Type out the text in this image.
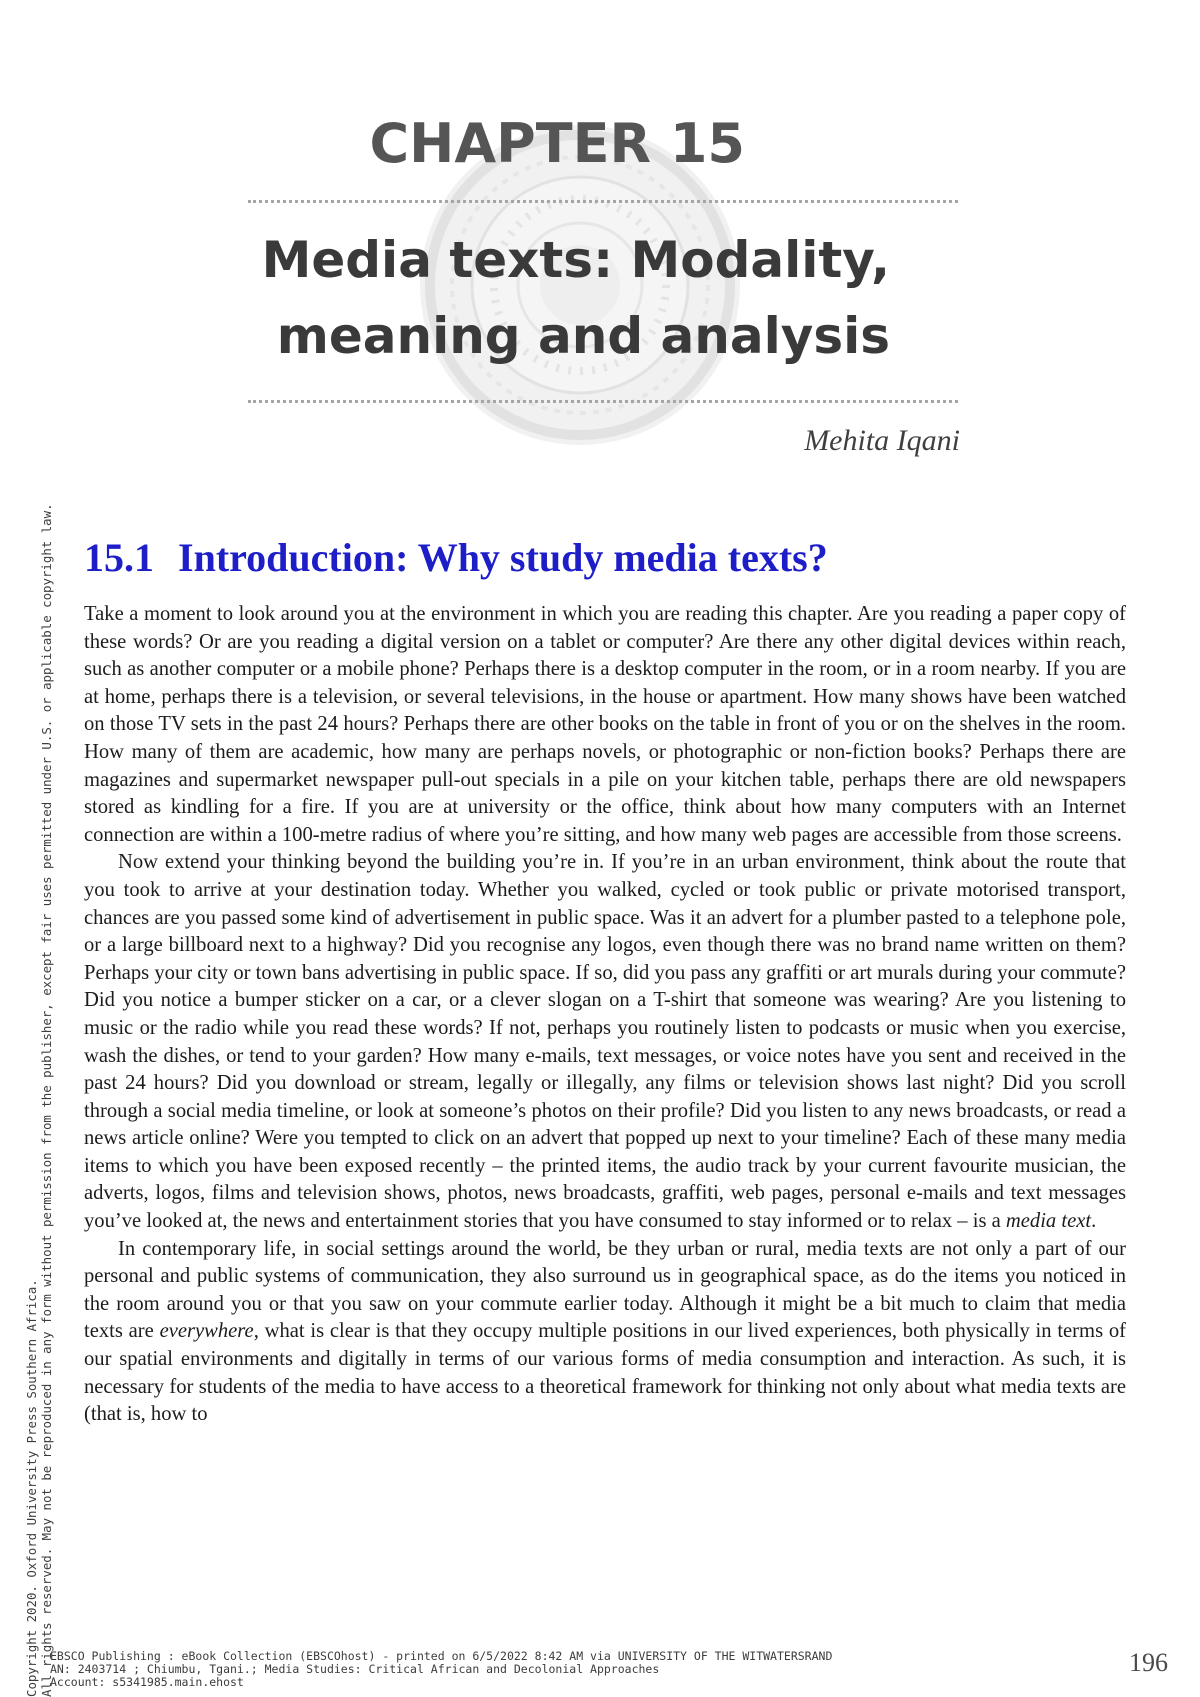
CHAPTER 15
Media texts: Modality,
meaning and analysis
Mehita Iqani
15.1 Introduction: Why study media texts?

Take a moment to look around you at the environment in which you are reading this chapter. Are you reading a paper copy of these words? Or are you reading a digital version on a tablet or computer? Are there any other digital devices within reach, such as another computer or a mobile phone? Perhaps there is a desktop computer in the room, or in a room nearby. If you are at home, perhaps there is a television, or several televisions, in the house or apartment. How many shows have been watched on those TV sets in the past 24 hours? Perhaps there are other books on the table in front of you or on the shelves in the room. How many of them are academic, how many are perhaps novels, or photographic or non-fiction books? Perhaps there are magazines and supermarket newspaper pull-out specials in a pile on your kitchen table, perhaps there are old newspapers stored as kindling for a fire. If you are at university or the office, think about how many computers with an Internet connection are within a 100-metre radius of where you’re sitting, and how many web pages are accessible from those screens.

Now extend your thinking beyond the building you’re in. If you’re in an urban environment, think about the route that you took to arrive at your destination today. Whether you walked, cycled or took public or private motorised transport, chances are you passed some kind of advertisement in public space. Was it an advert for a plumber pasted to a telephone pole, or a large billboard next to a highway? Did you recognise any logos, even though there was no brand name written on them? Perhaps your city or town bans advertising in public space. If so, did you pass any graffiti or art murals during your commute? Did you notice a bumper sticker on a car, or a clever slogan on a T-shirt that someone was wearing? Are you listening to music or the radio while you read these words? If not, perhaps you routinely listen to podcasts or music when you exercise, wash the dishes, or tend to your garden? How many e-mails, text messages, or voice notes have you sent and received in the past 24 hours? Did you download or stream, legally or illegally, any films or television shows last night? Did you scroll through a social media timeline, or look at someone’s photos on their profile? Did you listen to any news broadcasts, or read a news article online? Were you tempted to click on an advert that popped up next to your timeline? Each of these many media items to which you have been exposed recently – the printed items, the audio track by your current favourite musician, the adverts, logos, films and television shows, photos, news broadcasts, graffiti, web pages, personal e-mails and text messages you’ve looked at, the news and entertainment stories that you have consumed to stay informed or to relax – is a media text.

In contemporary life, in social settings around the world, be they urban or rural, media texts are not only a part of our personal and public systems of communication, they also surround us in geographical space, as do the items you noticed in the room around you or that you saw on your commute earlier today. Although it might be a bit much to claim that media texts are everywhere, what is clear is that they occupy multiple positions in our lived experiences, both physically in terms of our spatial environments and digitally in terms of our various forms of media consumption and interaction. As such, it is necessary for students of the media to have access to a theoretical framework for thinking not only about what media texts are (that is, how to

Copyright 2020. Oxford University Press Southern Africa. All rights reserved. May not be reproduced in any form without permission from the publisher, except fair uses permitted under U.S. or applicable copyright law.
EBSCO Publishing : eBook Collection (EBSCOhost) - printed on 6/5/2022 8:42 AM via UNIVERSITY OF THE WITWATERSRAND
AN: 2403714 ; Chiumbu, Tgani.; Media Studies: Critical African and Decolonial Approaches
Account: s5341985.main.ehost
196
